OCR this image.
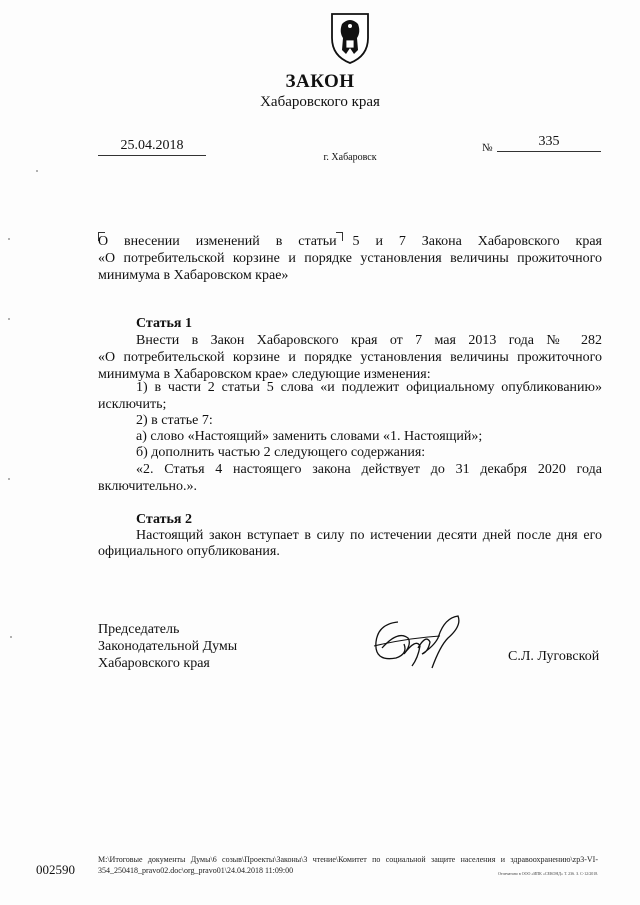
ЗАКОН
Хабаровского края
25.04.2018
г. Хабаровск
№	335
О внесении изменений в статьи 5 и 7 Закона Хабаровского края
«О потребительской корзине и порядке установления величины прожиточного
минимума в Хабаровском крае»
Статья 1
Внести в Закон Хабаровского края от 7 мая 2013 года № 282
«О потребительской корзине и порядке установления величины прожиточного
минимума в Хабаровском крае» следующие изменения:
1) в части 2 статьи 5 слова «и подлежит официальному опубликованию»
исключить;
2) в статье 7:
а) слово «Настоящий» заменить словами «1. Настоящий»;
б) дополнить частью 2 следующего содержания:
«2. Статья 4 настоящего закона действует до 31 декабря 2020 года
включительно.».
Статья 2
Настоящий закон вступает в силу по истечении десяти дней после дня его
официального опубликования.
Председатель
Законодательной Думы
Хабаровского края	С.Л. Луговской
002590
М:\Итоговые документы Думы\6 созыв\Проекты\Законы\3 чтение\Комитет по социальной защите населения и здравоохранению\zp3-VI-
354_250418_pravo02.doc\org_pravo01\24.04.2018 11:09:00	Отпечатано в ООО «ИПК «СЕКОНД» Т. 236. З. С-12/2018.
